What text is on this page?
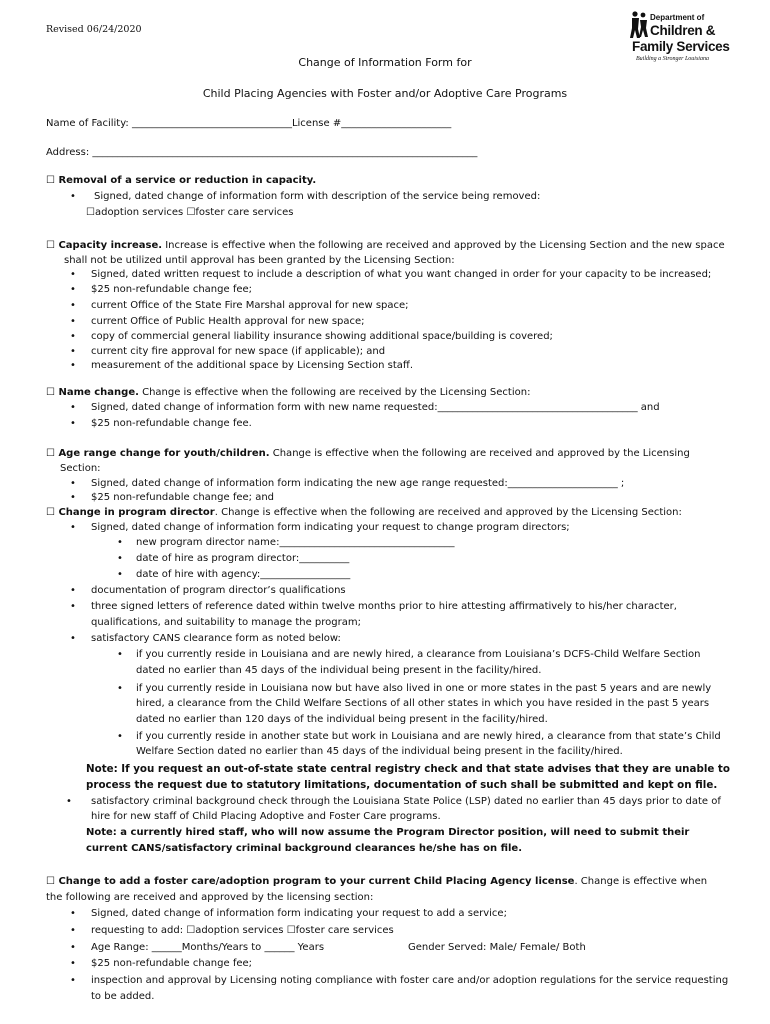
Revised 06/24/2020
Department of
Children &
Family Services
Building a Stronger Louisiana
Change of Information Form for
Child Placing Agencies with Foster and/or Adoptive Care Programs
Name of Facility: ________________________________License #______________________
Address: _____________________________________________________________________________
☐ Removal of a service or reduction in capacity.
• Signed, dated change of information form with description of the service being removed:
☐adoption services ☐foster care services
☐ Capacity increase. Increase is effective when the following are received and approved by the Licensing Section and the new space
shall not be utilized until approval has been granted by the Licensing Section:
• Signed, dated written request to include a description of what you want changed in order for your capacity to be increased;
• $25 non-refundable change fee;
• current Office of the State Fire Marshal approval for new space;
• current Office of Public Health approval for new space;
• copy of commercial general liability insurance showing additional space/building is covered;
• current city fire approval for new space (if applicable); and
• measurement of the additional space by Licensing Section staff.
☐ Name change. Change is effective when the following are received by the Licensing Section:
• Signed, dated change of information form with new name requested:________________________________________ and
• $25 non-refundable change fee.
☐ Age range change for youth/children. Change is effective when the following are received and approved by the Licensing
Section:
• Signed, dated change of information form indicating the new age range requested:______________________ ;
• $25 non-refundable change fee; and
☐ Change in program director. Change is effective when the following are received and approved by the Licensing Section:
• Signed, dated change of information form indicating your request to change program directors;
• new program director name:___________________________________
• date of hire as program director:__________
• date of hire with agency:__________________
• documentation of program director’s qualifications
• three signed letters of reference dated within twelve months prior to hire attesting affirmatively to his/her character,
qualifications, and suitability to manage the program;
• satisfactory CANS clearance form as noted below:
• if you currently reside in Louisiana and are newly hired, a clearance from Louisiana’s DCFS-Child Welfare Section
dated no earlier than 45 days of the individual being present in the facility/hired.
• if you currently reside in Louisiana now but have also lived in one or more states in the past 5 years and are newly
hired, a clearance from the Child Welfare Sections of all other states in which you have resided in the past 5 years
dated no earlier than 120 days of the individual being present in the facility/hired.
• if you currently reside in another state but work in Louisiana and are newly hired, a clearance from that state’s Child
Welfare Section dated no earlier than 45 days of the individual being present in the facility/hired.
Note: If you request an out-of-state state central registry check and that state advises that they are unable to
process the request due to statutory limitations, documentation of such shall be submitted and kept on file.
• satisfactory criminal background check through the Louisiana State Police (LSP) dated no earlier than 45 days prior to date of
hire for new staff of Child Placing Adoptive and Foster Care programs.
Note: a currently hired staff, who will now assume the Program Director position, will need to submit their
current CANS/satisfactory criminal background clearances he/she has on file.
☐ Change to add a foster care/adoption program to your current Child Placing Agency license. Change is effective when
the following are received and approved by the licensing section:
• Signed, dated change of information form indicating your request to add a service;
• requesting to add: ☐adoption services ☐foster care services
• Age Range: ______Months/Years to ______ Years	Gender Served: Male/ Female/ Both
• $25 non-refundable change fee;
• inspection and approval by Licensing noting compliance with foster care and/or adoption regulations for the service requesting
to be added.
